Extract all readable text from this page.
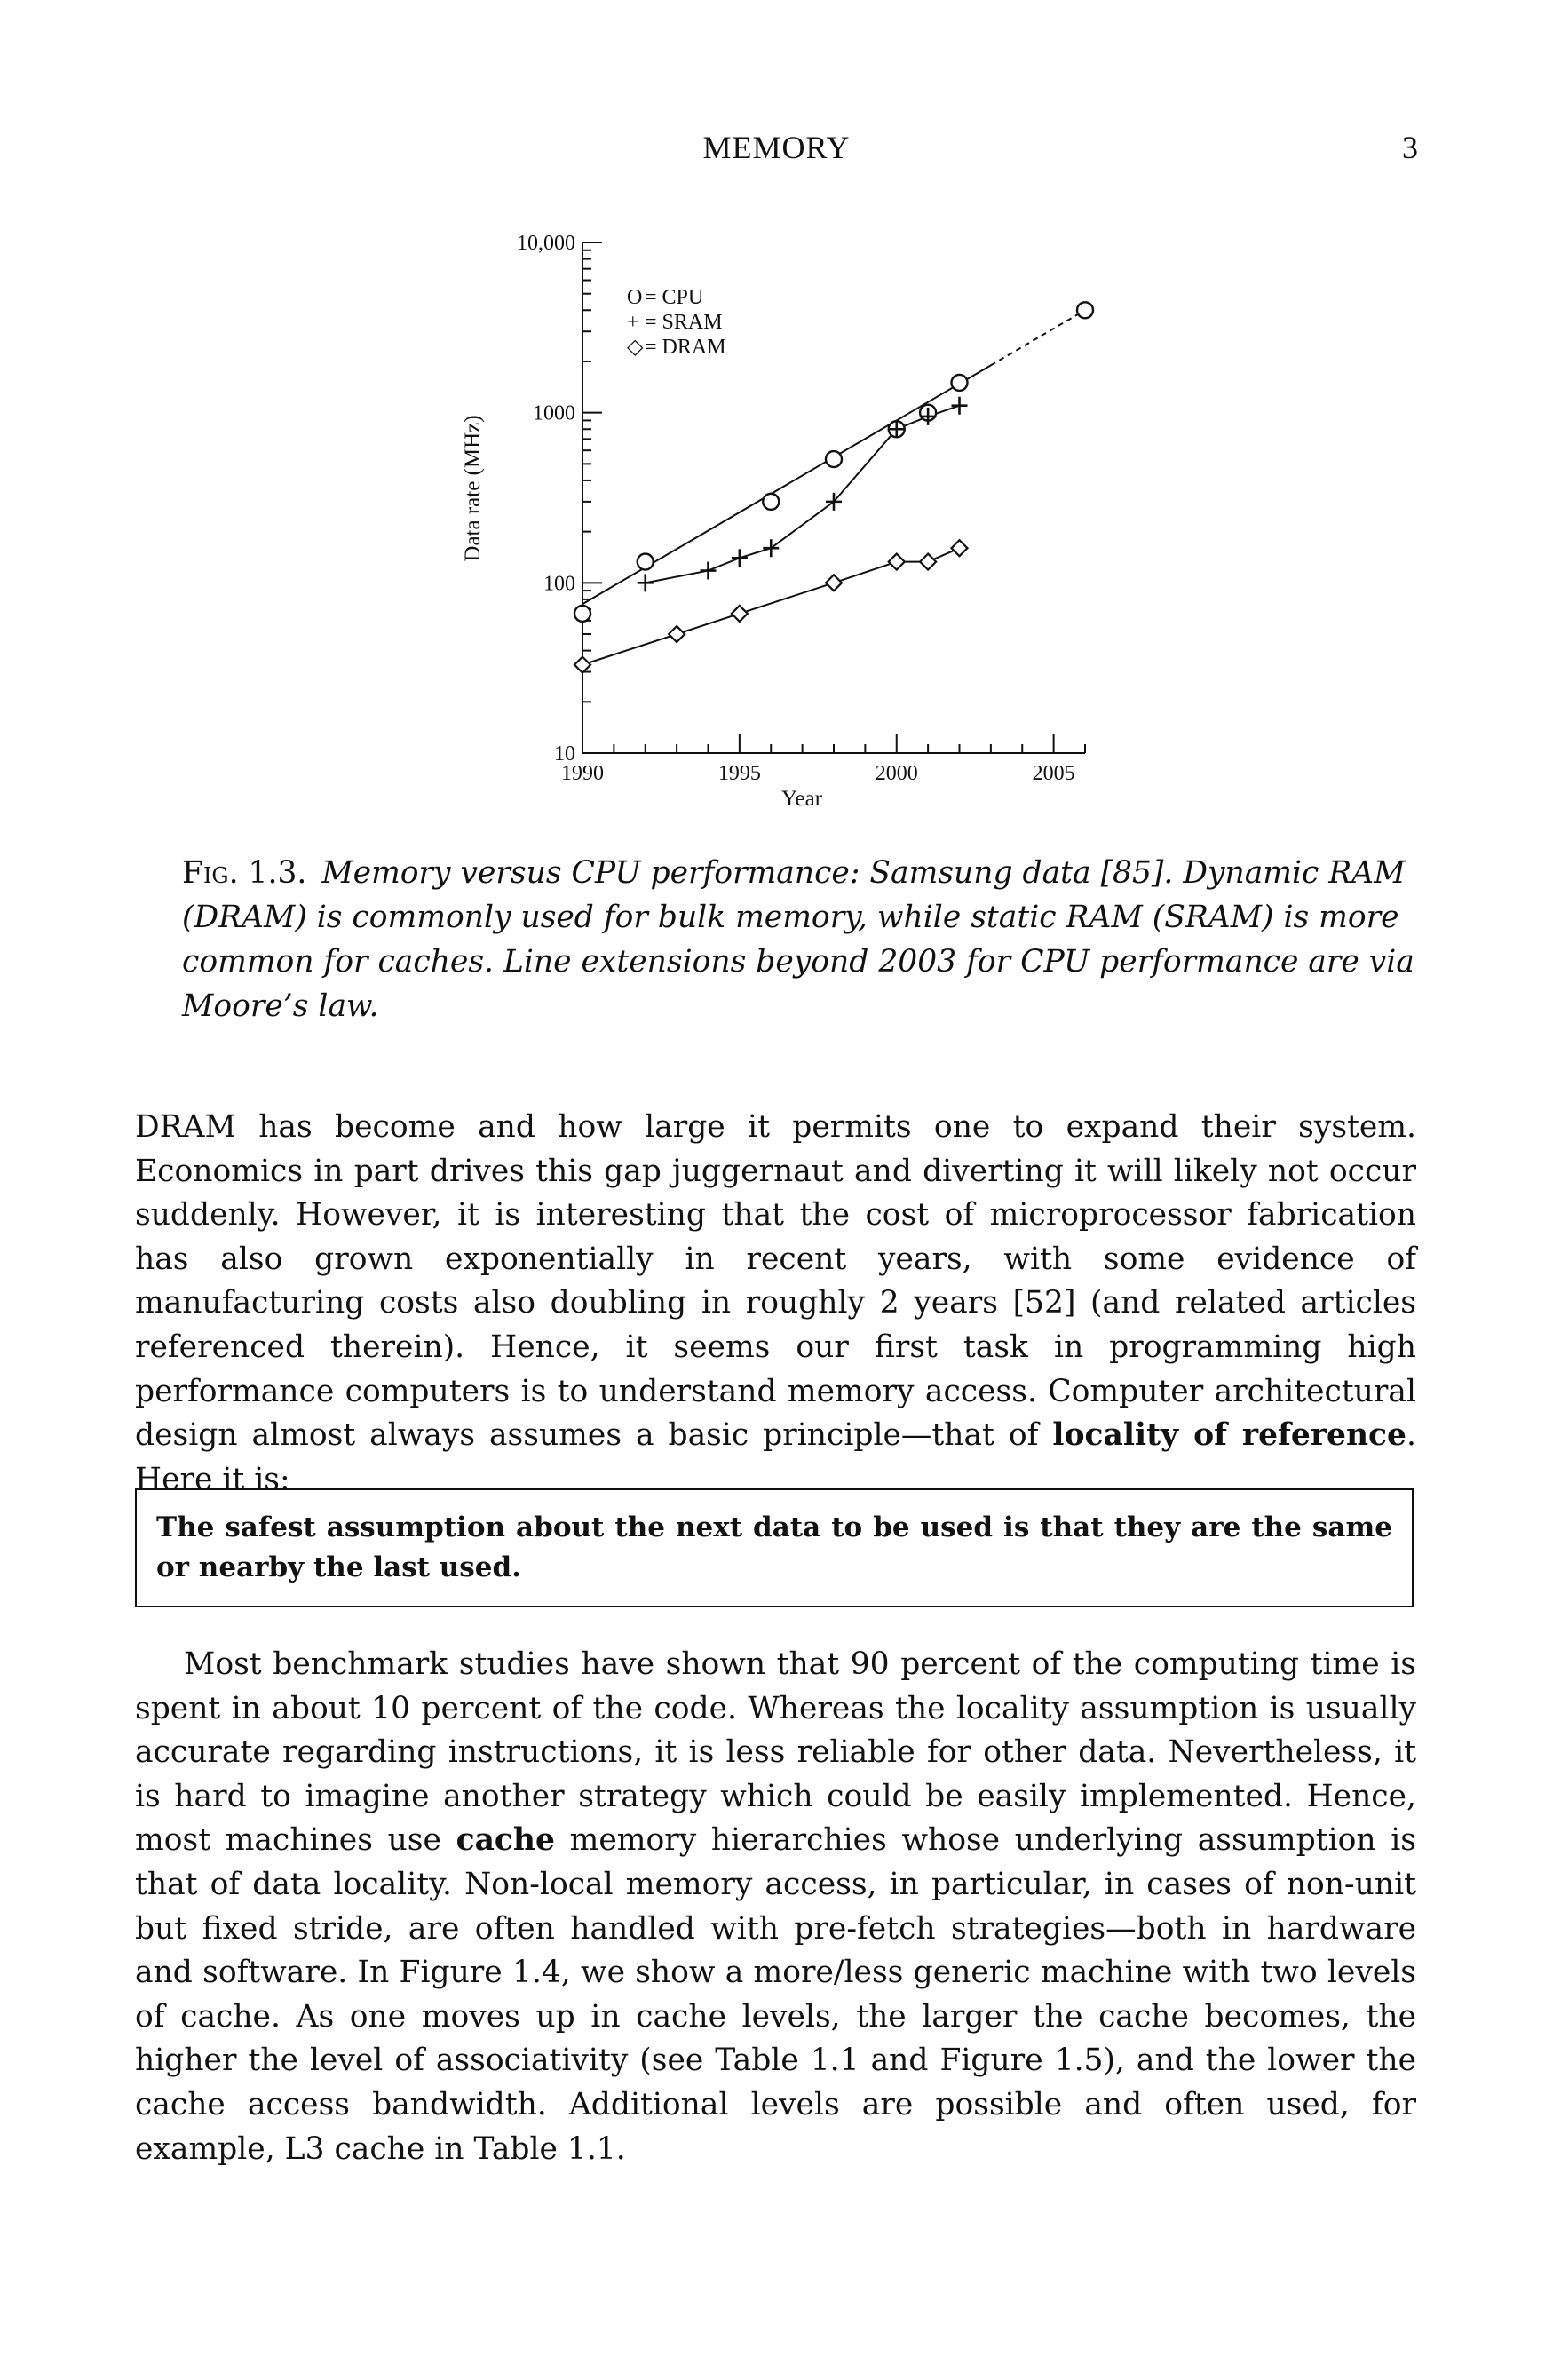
MEMORY	3
10
100
1000
10,000
1990	1995	2000	2005
Data rate (MHz)
Year
O = CPU
+ = SRAM
◇ = DRAM

Fig. 1.3. Memory versus CPU performance: Samsung data [85]. Dynamic RAM (DRAM) is commonly used for bulk memory, while static RAM (SRAM) is more common for caches. Line extensions beyond 2003 for CPU performance are via Moore’s law.

DRAM has become and how large it permits one to expand their system. Economics in part drives this gap juggernaut and diverting it will likely not occur suddenly. However, it is interesting that the cost of microprocessor fabrication has also grown exponentially in recent years, with some evidence of manufacturing costs also doubling in roughly 2 years [52] (and related articles referenced therein). Hence, it seems our first task in programming high performance computers is to understand memory access. Computer architectural design almost always assumes a basic principle—that of locality of reference. Here it is:

The safest assumption about the next data to be used is that they are the same or nearby the last used.

Most benchmark studies have shown that 90 percent of the computing time is spent in about 10 percent of the code. Whereas the locality assumption is usually accurate regarding instructions, it is less reliable for other data. Nevertheless, it is hard to imagine another strategy which could be easily implemented. Hence, most machines use cache memory hierarchies whose underlying assumption is that of data locality. Non-local memory access, in particular, in cases of non-unit but fixed stride, are often handled with pre-fetch strategies—both in hardware and software. In Figure 1.4, we show a more/less generic machine with two levels of cache. As one moves up in cache levels, the larger the cache becomes, the higher the level of associativity (see Table 1.1 and Figure 1.5), and the lower the cache access bandwidth. Additional levels are possible and often used, for example, L3 cache in Table 1.1.
